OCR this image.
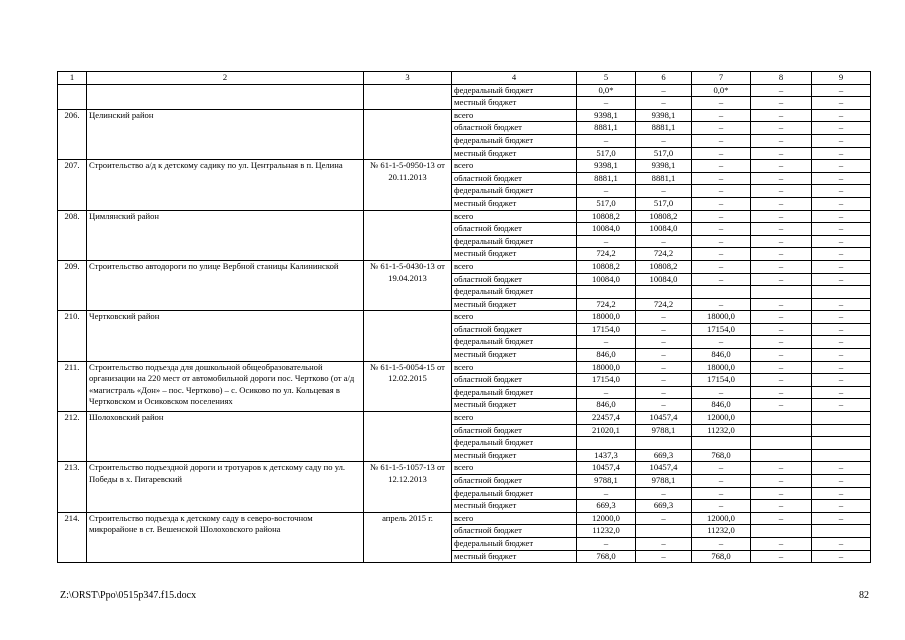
1	2	3	4	5	6	7	8	9
			федеральный бюджет	0,0*	–	0,0*	–	–
			местный бюджет	–	–	–	–	–
206.	Целинский район		всего	9398,1	9398,1	–	–	–
			областной бюджет	8881,1	8881,1	–	–	–
			федеральный бюджет	–	–	–	–	–
			местный бюджет	517,0	517,0	–	–	–
207.	Строительство а/д к детскому садику по ул. Центральная в п. Целина	№ 61-1-5-0950-13 от 20.11.2013	всего	9398,1	9398,1	–	–	–
			областной бюджет	8881,1	8881,1	–	–	–
			федеральный бюджет	–	–	–	–	–
			местный бюджет	517,0	517,0	–	–	–
208.	Цимлянский район		всего	10808,2	10808,2	–	–	–
			областной бюджет	10084,0	10084,0	–	–	–
			федеральный бюджет	–	–	–	–	–
			местный бюджет	724,2	724,2	–	–	–
209.	Строительство автодороги по улице Вербной станицы Калининской	№ 61-1-5-0430-13 от 19.04.2013	всего	10808,2	10808,2	–	–	–
			областной бюджет	10084,0	10084,0	–	–	–
			федеральный бюджет					
			местный бюджет	724,2	724,2	–	–	–
210.	Чертковский район		всего	18000,0	–	18000,0	–	–
			областной бюджет	17154,0	–	17154,0	–	–
			федеральный бюджет	–	–	–	–	–
			местный бюджет	846,0	–	846,0	–	–
211.	Строительство подъезда для дошкольной общеобразовательной организации на 220 мест от автомобильной дороги пос. Чертково (от а/д «магистраль «Дон» – пос. Чертково) – с. Осиково по ул. Кольцевая в Чертковском и Осиковском поселениях	№ 61-1-5-0054-15 от 12.02.2015	всего	18000,0	–	18000,0	–	–
			областной бюджет	17154,0	–	17154,0	–	–
			федеральный бюджет	–	–	–	–	–
			местный бюджет	846,0	–	846,0	–	–
212.	Шолоховский район		всего	22457,4	10457,4	12000,0		
			областной бюджет	21020,1	9788,1	11232,0		
			федеральный бюджет					
			местный бюджет	1437,3	669,3	768,0		
213.	Строительство подъездной дороги и тротуаров к детскому саду по ул. Победы в х. Пигаревский	№ 61-1-5-1057-13 от 12.12.2013	всего	10457,4	10457,4	–	–	–
			областной бюджет	9788,1	9788,1	–	–	–
			федеральный бюджет	–	–	–	–	–
			местный бюджет	669,3	669,3	–	–	–
214.	Строительство подъезда к детскому саду в северо-восточном микрорайоне в ст. Вешенской Шолоховского района	апрель 2015 г.	всего	12000,0	–	12000,0	–	–
			областной бюджет	11232,0		11232,0		
			федеральный бюджет	–	–	–	–	–
			местный бюджет	768,0	–	768,0	–	–
Z:\ORST\Ppo\0515p347.f15.docx	82
